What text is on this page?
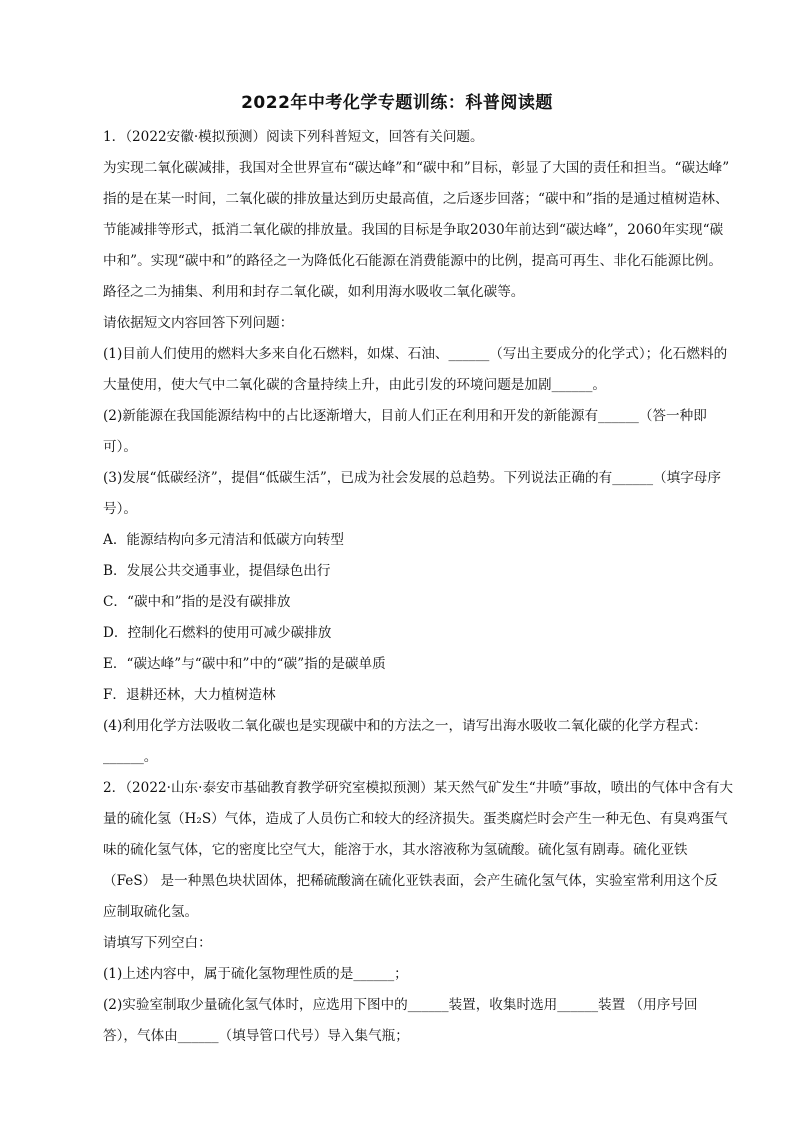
2022年中考化学专题训练：科普阅读题

1．（2022安徽·模拟预测）阅读下列科普短文，回答有关问题。

为实现二氧化碳减排，我国对全世界宣布“碳达峰”和“碳中和”目标，彰显了大国的责任和担当。“碳达峰”

指的是在某一时间，二氧化碳的排放量达到历史最高值，之后逐步回落；“碳中和”指的是通过植树造林、

节能减排等形式，抵消二氧化碳的排放量。我国的目标是争取2030年前达到“碳达峰”，2060年实现“碳

中和”。实现“碳中和”的路径之一为降低化石能源在消费能源中的比例，提高可再生、非化石能源比例。

路径之二为捕集、利用和封存二氧化碳，如利用海水吸收二氧化碳等。

请依据短文内容回答下列问题：

(1)目前人们使用的燃料大多来自化石燃料，如煤、石油、______（写出主要成分的化学式）；化石燃料的

大量使用，使大气中二氧化碳的含量持续上升，由此引发的环境问题是加剧______。

(2)新能源在我国能源结构中的占比逐渐增大，目前人们正在利用和开发的新能源有______（答一种即

可）。

(3)发展“低碳经济”，提倡“低碳生活”，已成为社会发展的总趋势。下列说法正确的有______（填字母序

号）。

A．能源结构向多元清洁和低碳方向转型

B．发展公共交通事业，提倡绿色出行

C．“碳中和”指的是没有碳排放

D．控制化石燃料的使用可减少碳排放

E．“碳达峰”与“碳中和”中的“碳”指的是碳单质

F．退耕还林，大力植树造林

(4)利用化学方法吸收二氧化碳也是实现碳中和的方法之一，请写出海水吸收二氧化碳的化学方程式：

______。

2．（2022·山东·泰安市基础教育教学研究室模拟预测）某天然气矿发生“井喷”事故，喷出的气体中含有大

量的硫化氢（H₂S）气体，造成了人员伤亡和较大的经济损失。蛋类腐烂时会产生一种无色、有臭鸡蛋气

味的硫化氢气体，它的密度比空气大，能溶于水，其水溶液称为氢硫酸。硫化氢有剧毒。硫化亚铁

（FeS） 是一种黑色块状固体，把稀硫酸滴在硫化亚铁表面，会产生硫化氢气体，实验室常利用这个反

应制取硫化氢。

请填写下列空白：

(1)上述内容中，属于硫化氢物理性质的是______；

(2)实验室制取少量硫化氢气体时，应选用下图中的______装置，收集时选用______装置 （用序号回

答），气体由______（填导管口代号）导入集气瓶；
